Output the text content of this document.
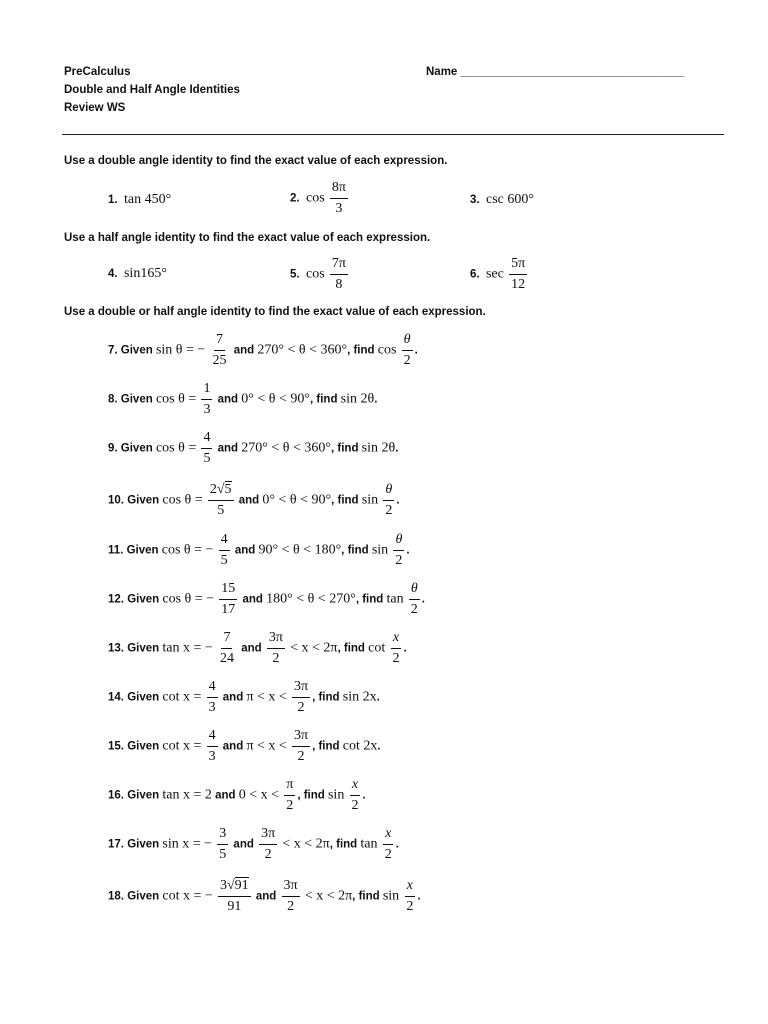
PreCalculus
Double and Half Angle Identities
Review WS
Name ___________________________________
Use a double angle identity to find the exact value of each expression.
1. tan 450°	2. $\cos \frac{8\pi}{3}$	3. csc 600°
Use a half angle identity to find the exact value of each expression.
4. sin165°	5. $\cos \frac{7\pi}{8}$	6. $\sec \frac{5\pi}{12}$
Use a double or half angle identity to find the exact value of each expression.
7. Given sin θ = − $\frac{7}{25}$ and 270° < θ < 360°, find $\cos \frac{\theta}{2}$ .
8. Given $\cos \theta = \frac{1}{3}$ and 0° < θ < 90°, find sin 2θ.
9. Given $\cos \theta = \frac{4}{5}$ and 270° < θ < 360°, find sin 2θ.
10. Given $\cos \theta = \frac{2√5}{5}$ and 0° < θ < 90°, find $\sin \frac{\theta}{2}$ .
11. Given cos θ = − $\frac{4}{5}$ and 90° < θ < 180°, find $\sin \frac{\theta}{2}$ .
12. Given cos θ = − $\frac{15}{17}$ and 180° < θ < 270°, find $\tan \frac{\theta}{2}$ .
13. Given tan x = − $\frac{7}{24}$ and $\frac{3\pi}{2} < x < 2\pi$, find $\cot \frac{x}{2}$ .
14. Given $\cot x = \frac{4}{3}$ and $\pi < x < \frac{3\pi}{2}$ , find sin 2x.
15. Given $\cot x = \frac{4}{3}$ and $\pi < x < \frac{3\pi}{2}$ , find cot 2x.
16. Given tan x = 2 and $0 < x < \frac{\pi}{2}$ , find $\sin \frac{x}{2}$ .
17. Given sin x = − $\frac{3}{5}$ and $\frac{3\pi}{2} < x < 2\pi$, find $\tan \frac{x}{2}$ .
18. Given cot x = − $\frac{3√91}{91}$ and $\frac{3\pi}{2} < x < 2\pi$, find $\sin \frac{x}{2}$ .
